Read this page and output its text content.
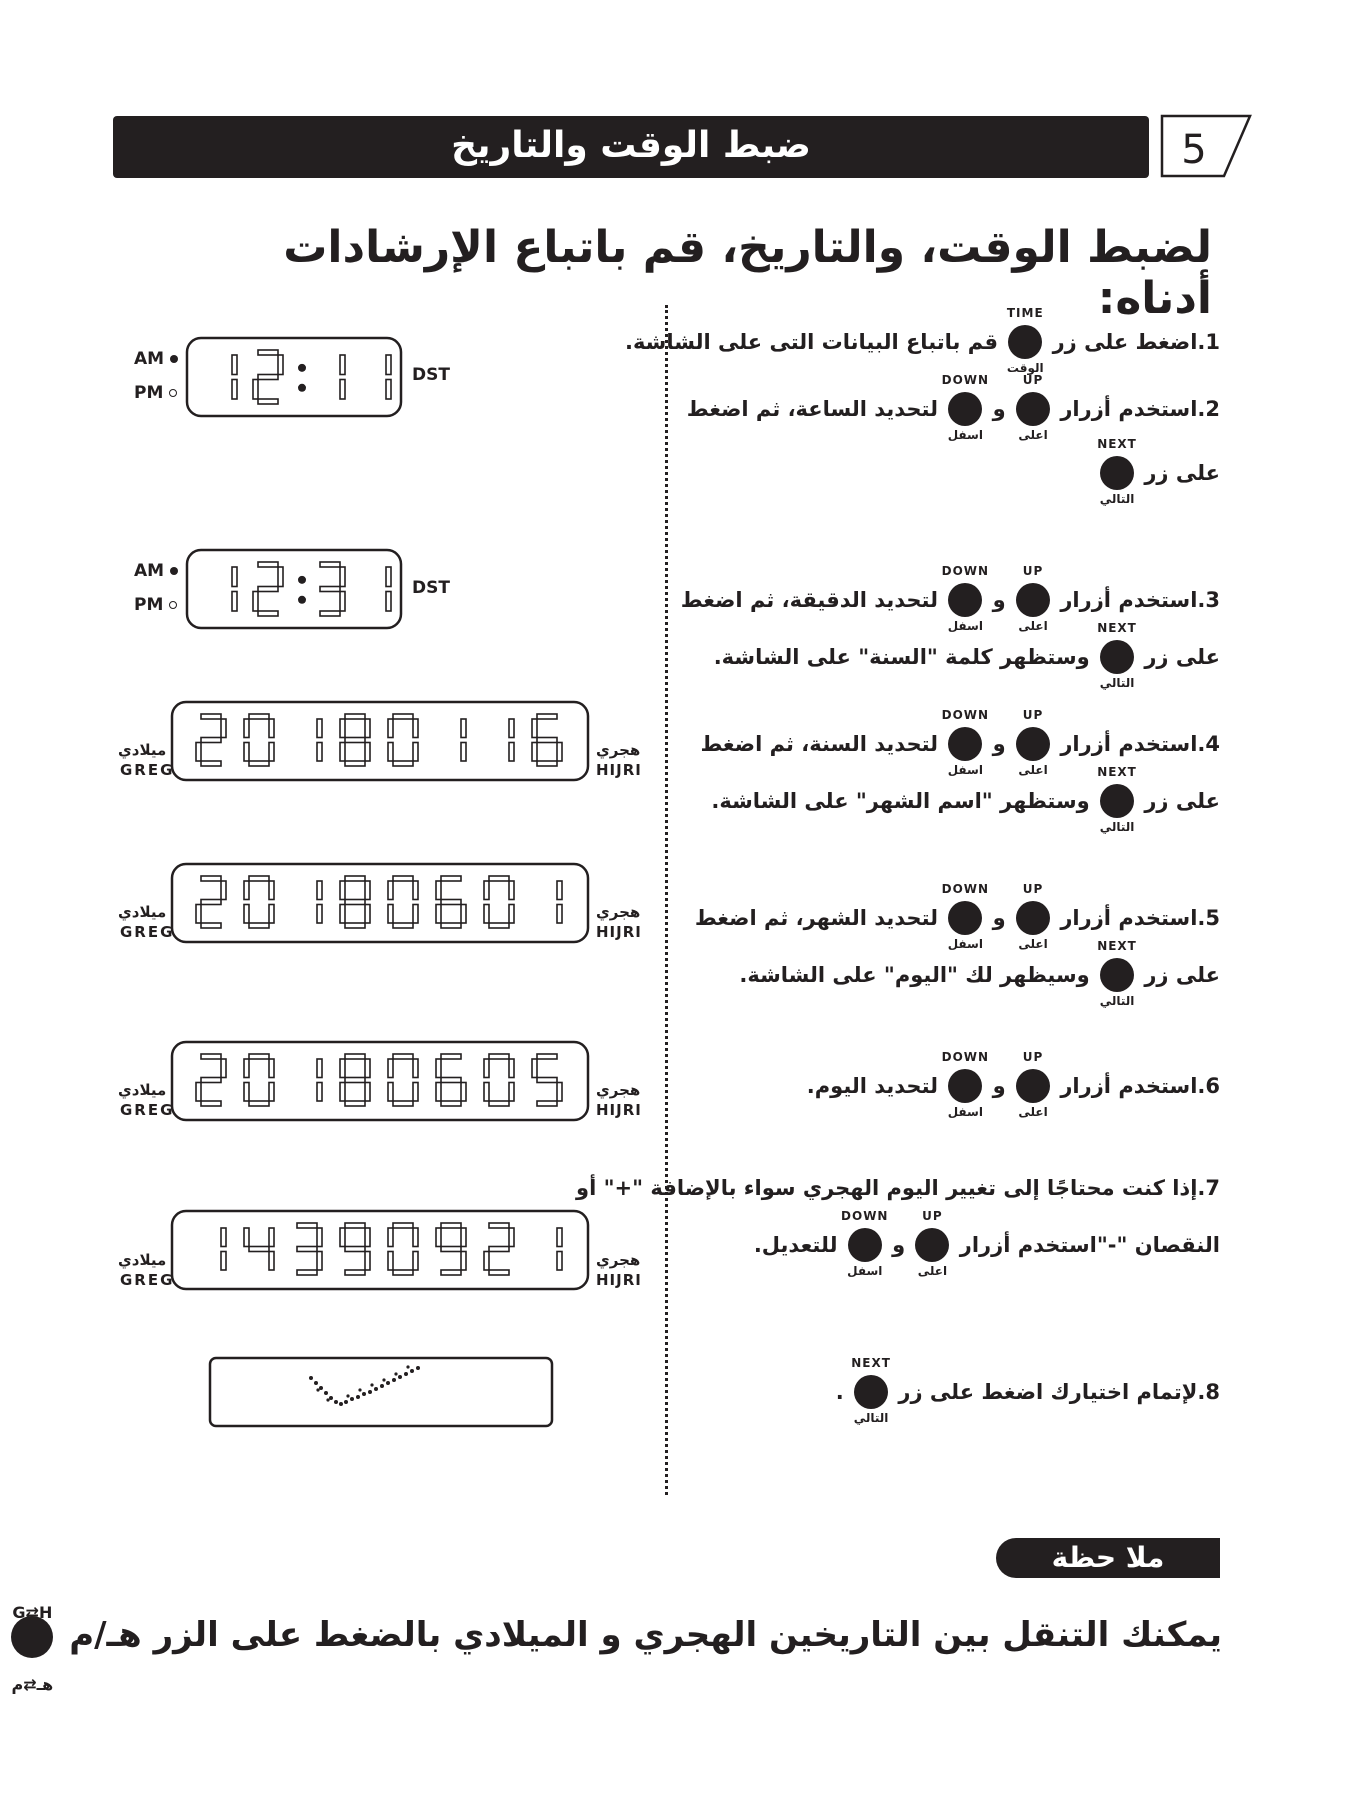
ضبط الوقت والتاريخ	5
لضبط الوقت، والتاريخ، قم باتباع الإرشادات أدناه:
1.اضغط على زر
TIME
الوقت
قم باتباع البيانات التى على الشاشة.
2.استخدم أزرار
UP
اعلى
و
DOWN
اسفل
لتحديد الساعة، ثم اضغط
على زر
NEXT
التالي
3.استخدم أزرار
UP
اعلى
و
DOWN
اسفل
لتحديد الدقيقة، ثم اضغط
على زر
NEXT
التالي
وستظهر كلمة "السنة" على الشاشة.
4.استخدم أزرار
UP
اعلى
و
DOWN
اسفل
لتحديد السنة، ثم اضغط
على زر
NEXT
التالي
وستظهر "اسم الشهر" على الشاشة.
5.استخدم أزرار
UP
اعلى
و
DOWN
اسفل
لتحديد الشهر، ثم اضغط
على زر
NEXT
التالي
وسيظهر لك "اليوم" على الشاشة.
6.استخدم أزرار
UP
اعلى
و
DOWN
اسفل
لتحديد اليوم.
7.إذا كنت محتاجًا إلى تغيير اليوم الهجري سواء بالإضافة "+" أو
النقصان "-"استخدم أزرار
UP
اعلى
و
DOWN
اسفل
للتعديل.
8.لإتمام اختيارك اضغط على زر
NEXT
التالي
.
AM
PM
DST
AM
PM
DST
ميلادي
GREG
هجري
HIJRI
ميلادي
GREG
هجري
HIJRI
ميلادي
GREG
هجري
HIJRI
ميلادي
GREG
هجري
HIJRI
ملا حظة
يمكنك التنقل بين التاريخين الهجري و الميلادي بالضغط على الزر هـ/م
G⇄H
هـ⇄م
